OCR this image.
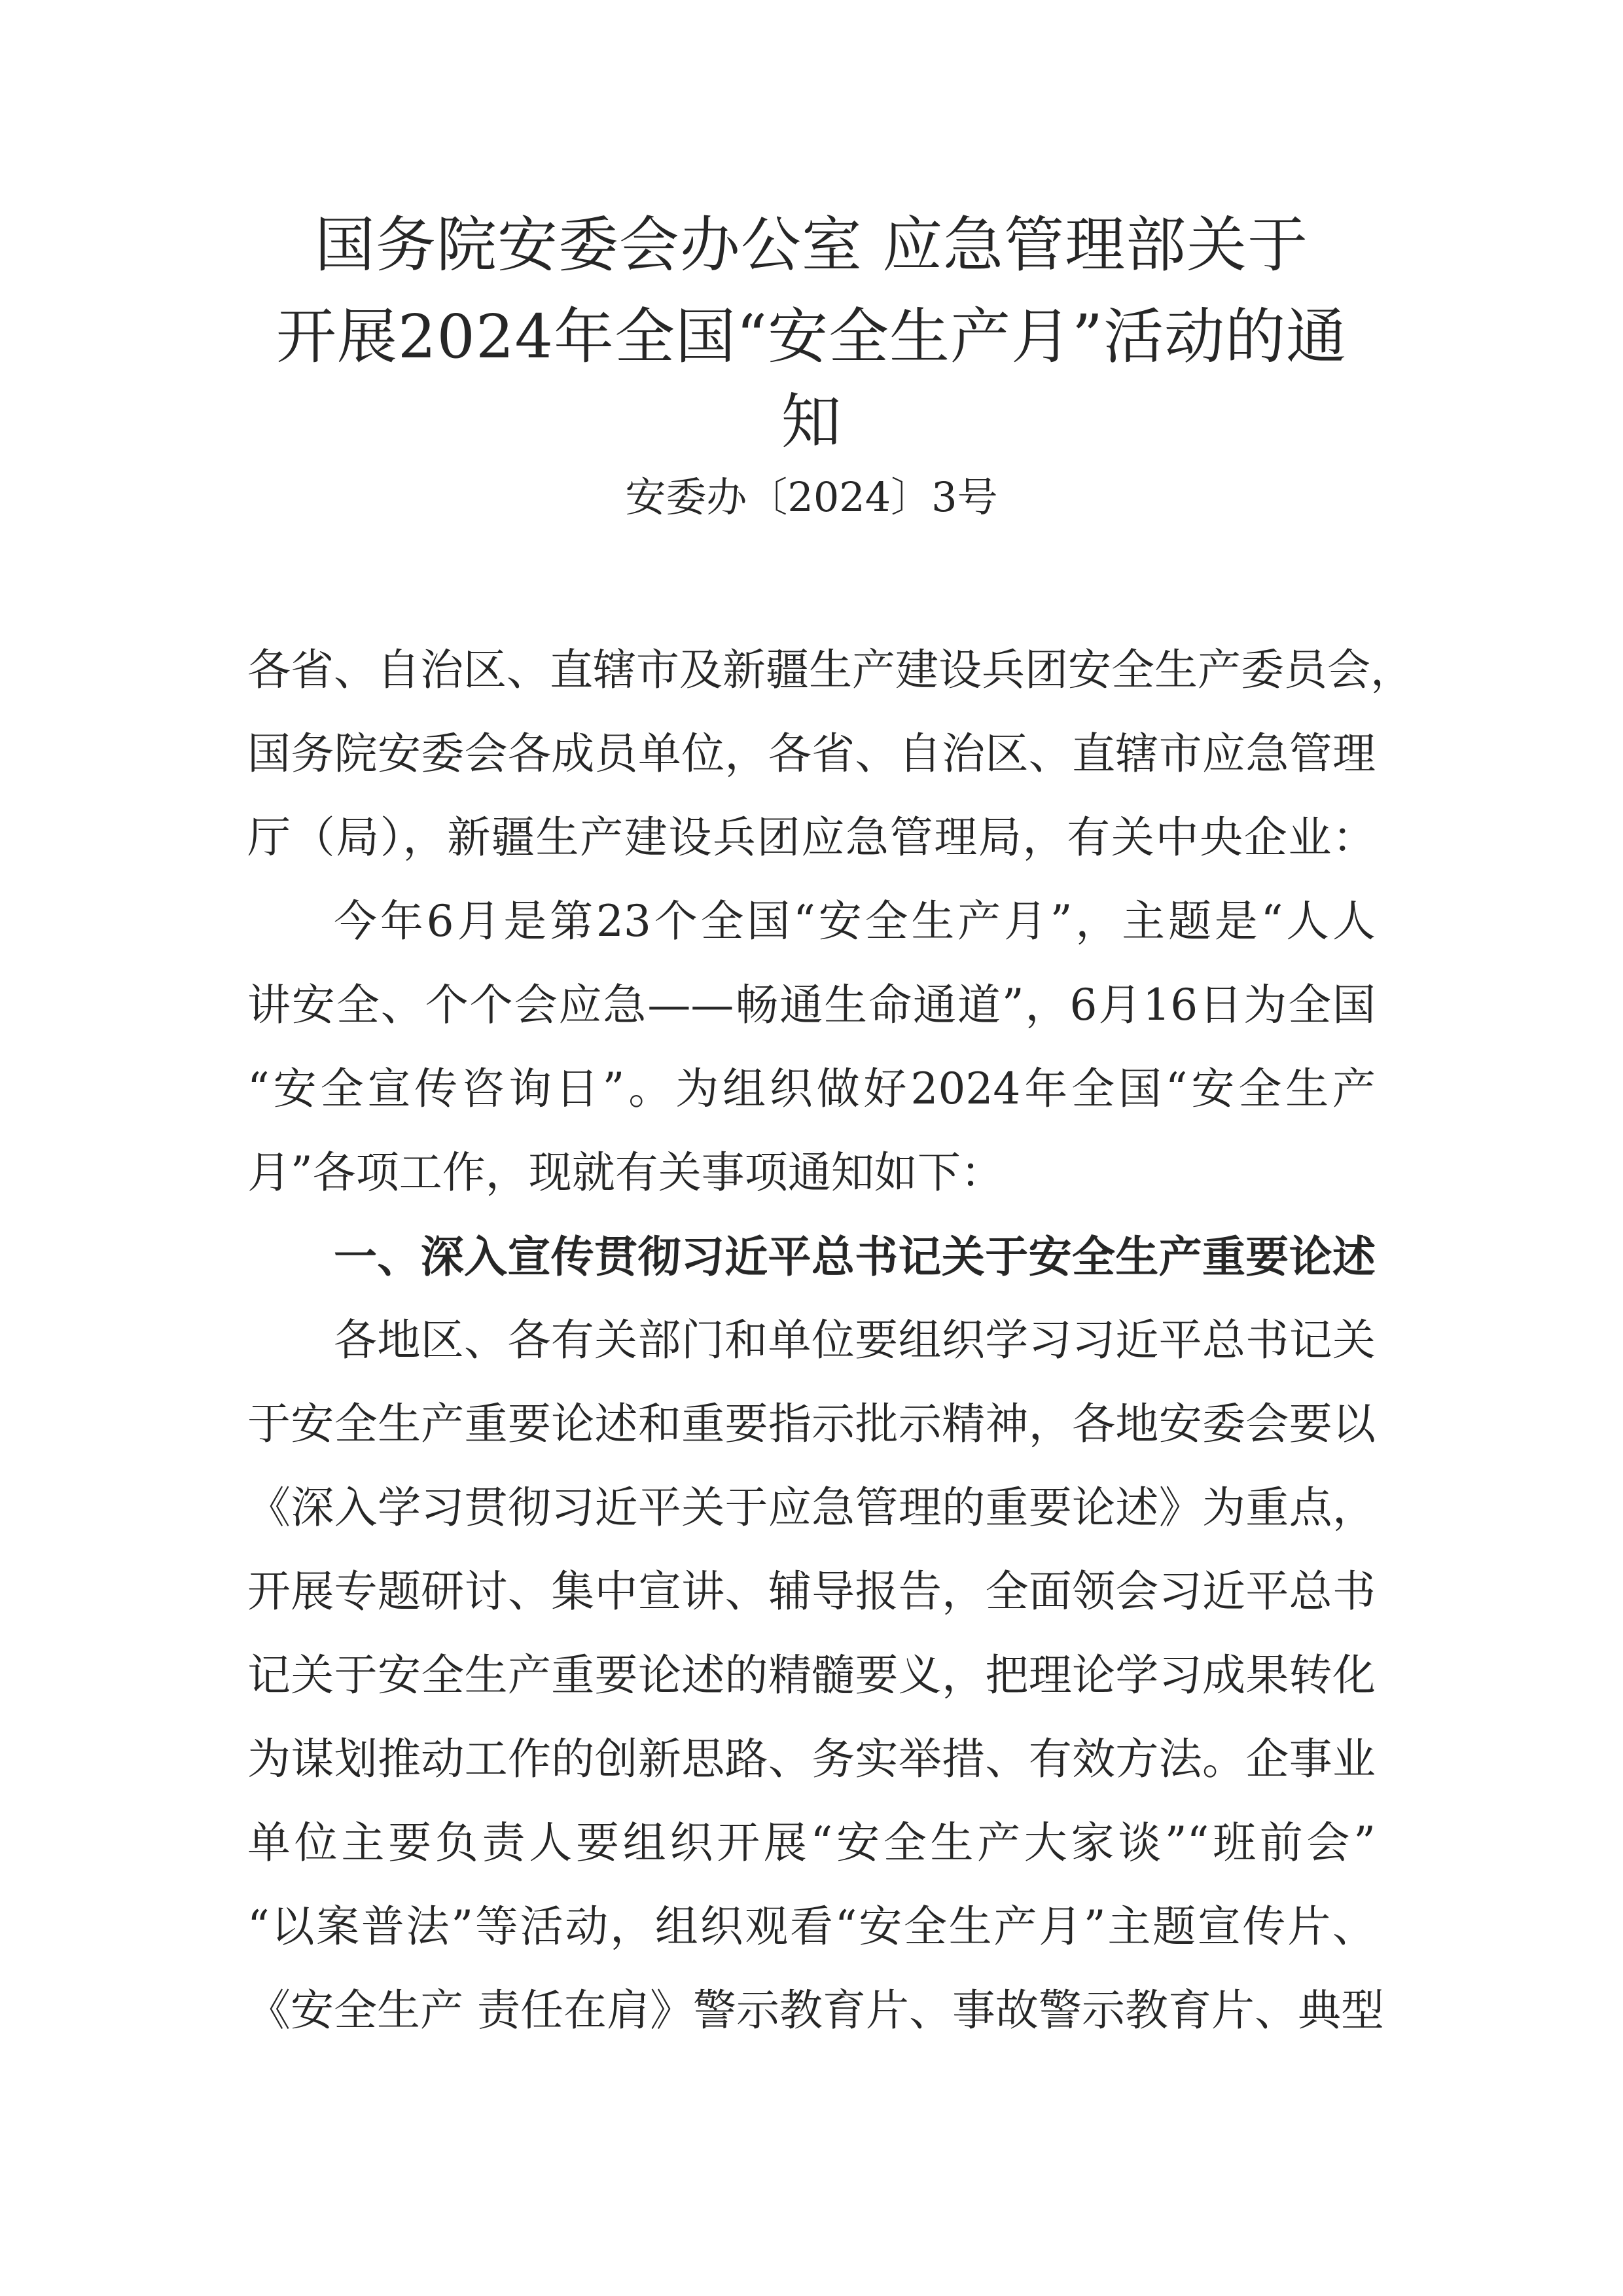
国务院安委会办公室 应急管理部关于
开展2024年全国“安全生产月”活动的通
知
安委办〔2024〕3号
各省、自治区、直辖市及新疆生产建设兵团安全生产委员会，
国务院安委会各成员单位，各省、自治区、直辖市应急管理
厅（局），新疆生产建设兵团应急管理局，有关中央企业：
今年6月是第23个全国“安全生产月”，主题是“人人
讲安全、个个会应急——畅通生命通道”，6月16日为全国
“安全宣传咨询日”。为组织做好2024年全国“安全生产
月”各项工作，现就有关事项通知如下：
一、深入宣传贯彻习近平总书记关于安全生产重要论述
各地区、各有关部门和单位要组织学习习近平总书记关
于安全生产重要论述和重要指示批示精神，各地安委会要以
《深入学习贯彻习近平关于应急管理的重要论述》为重点，
开展专题研讨、集中宣讲、辅导报告，全面领会习近平总书
记关于安全生产重要论述的精髓要义，把理论学习成果转化
为谋划推动工作的创新思路、务实举措、有效方法。企事业
单位主要负责人要组织开展“安全生产大家谈”“班前会”
“以案普法”等活动，组织观看“安全生产月”主题宣传片、
《安全生产 责任在肩》警示教育片、事故警示教育片、典型
